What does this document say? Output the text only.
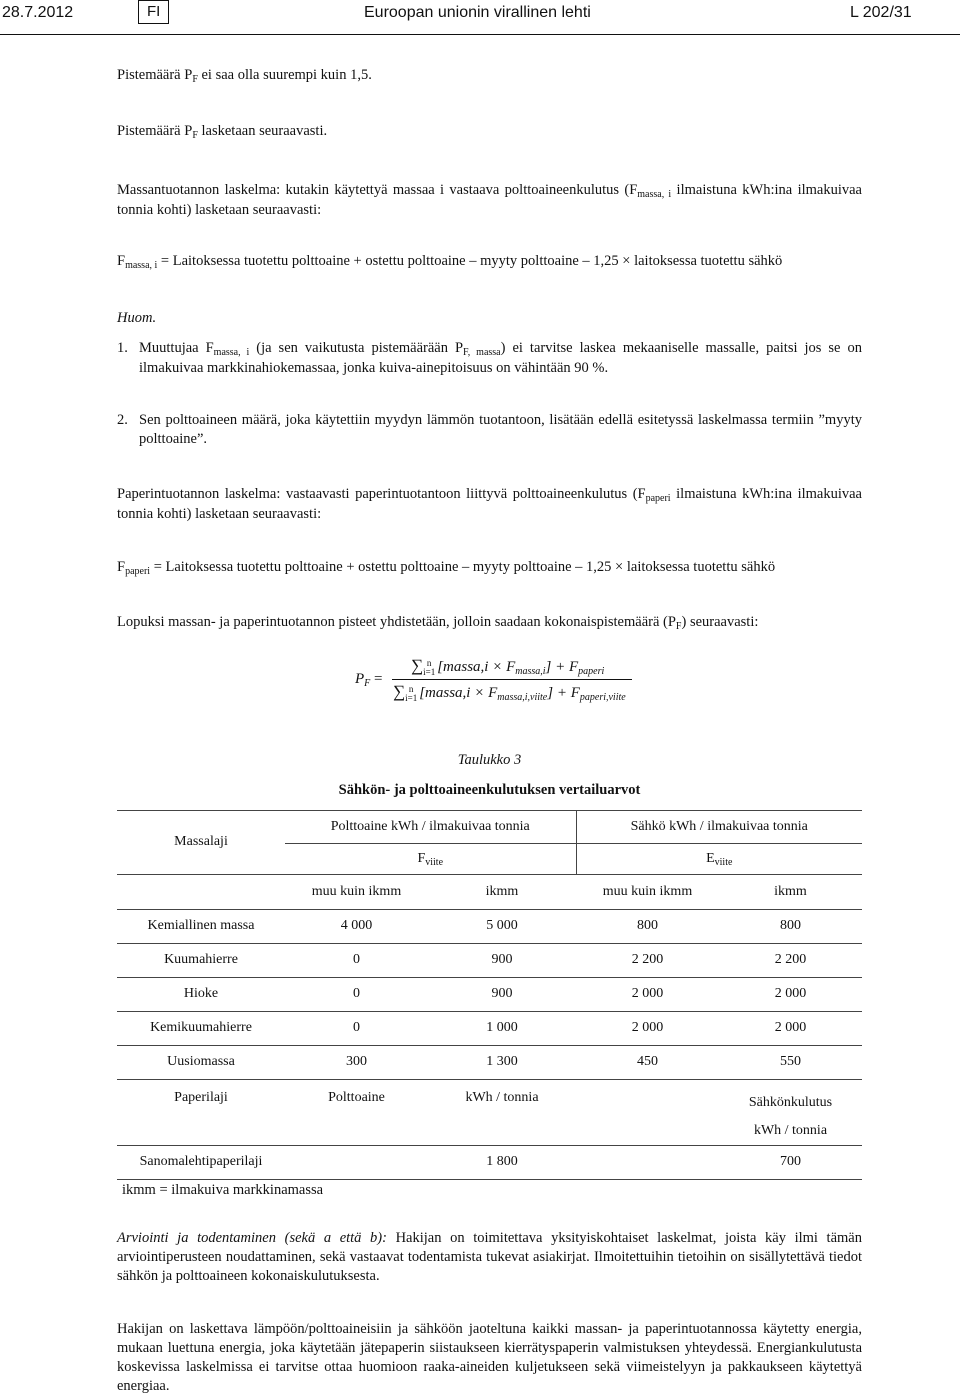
28.7.2012	FI	Euroopan unionin virallinen lehti	L 202/31
Pistemäärä $P_F$ ei saa olla suurempi kuin 1,5.
Pistemäärä $P_F$ lasketaan seuraavasti.
Massantuotannon laskelma: kutakin käytettyä massaa i vastaava polttoaineenkulutus ($F_{massa, i}$ ilmaistuna kWh:ina ilmakuivaa tonnia kohti) lasketaan seuraavasti:
$F_{massa, i}$ = Laitoksessa tuotettu polttoaine + ostettu polttoaine – myyty polttoaine – 1,25 × laitoksessa tuotettu sähkö
Huom.
1. Muuttujaa $F_{massa, i}$ (ja sen vaikutusta pistemäärään $P_{F, massa}$) ei tarvitse laskea mekaaniselle massalle, paitsi jos se on ilmakuivaa markkinahiokemassaa, jonka kuiva-ainepitoisuus on vähintään 90 %.
2. Sen polttoaineen määrä, joka käytettiin myydyn lämmön tuotantoon, lisätään edellä esitetyssä laskelmassa termiin ”myyty polttoaine”.
Paperintuotannon laskelma: vastaavasti paperintuotantoon liittyvä polttoaineenkulutus ($F_{paperi}$ ilmaistuna kWh:ina ilmakuivaa tonnia kohti) lasketaan seuraavasti:
$F_{paperi}$ = Laitoksessa tuotettu polttoaine + ostettu polttoaine – myyty polttoaine – 1,25 × laitoksessa tuotettu sähkö
Lopuksi massan- ja paperintuotannon pisteet yhdistetään, jolloin saadaan kokonaispistemäärä $(P_F)$ seuraavasti:
$P_F$ =
∑ n
i=1 [massa,i × $F_{massa,i}] + F_{paperi}$
∑ n
i=1 [massa,i × $F_{massa,i,viite}] + F_{paperi,viite}$
Taulukko 3
Sähkön- ja polttoaineenkulutuksen vertailuarvot
Massalaji	Polttoaine kWh / ilmakuivaa tonnia		Sähkö kWh / ilmakuivaa tonnia	
	$F_{viite}$		$E_{viite}$
	muu kuin ikmm	ikmm	muu kuin ikmm	ikmm
Kemiallinen massa	4 000	5 000	800	800
Kuumahierre	0	900	2 200	2 200
Hioke	0	900	2 000	2 000
Kemikuumahierre	0	1 000	2 000	2 000
Uusiomassa	300	1 300	450	550
Paperilaji	Polttoaine	kWh / tonnia		Sähkönkulutus
kWh / tonnia
Sanomalehtipaperilaji		1 800		700
ikmm = ilmakuiva markkinamassa
Arviointi ja todentaminen (sekä a että b): Hakijan on toimitettava yksityiskohtaiset laskelmat, joista käy ilmi tämän arviointiperusteen noudattaminen, sekä vastaavat todentamista tukevat asiakirjat. Ilmoitettuihin tietoihin on sisällytettävä tiedot sähkön ja polttoaineen kokonaiskulutuksesta.
Hakijan on laskettava lämpöön/polttoaineisiin ja sähköön jaoteltuna kaikki massan- ja paperintuotannossa käytetty energia, mukaan luettuna energia, joka käytetään jätepaperin siistaukseen kierrätyspaperin valmistuksen yhteydessä. Energiankulutusta koskevissa laskelmissa ei tarvitse ottaa huomioon raaka-aineiden kuljetukseen sekä viimeistelyyn ja pakkaukseen käytettyä energiaa.
